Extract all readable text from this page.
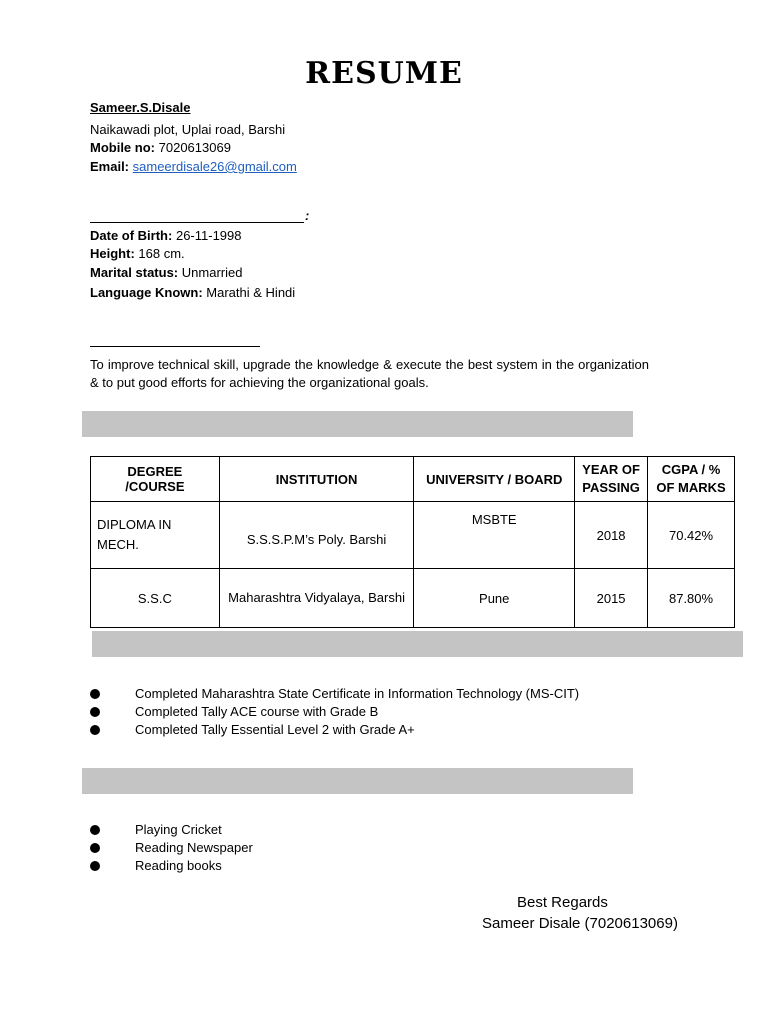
RESUME
Sameer.S.Disale
Naikawadi plot, Uplai road, Barshi
Mobile no: 7020613069
Email: sameerdisale26@gmail.com
:
Date of Birth: 26-11-1998
Height: 168 cm.
Marital status: Unmarried
Language Known: Marathi & Hindi
To improve technical skill, upgrade the knowledge & execute the best system in the organization & to put good efforts for achieving the organizational goals.
DEGREE /COURSE	INSTITUTION	UNIVERSITY / BOARD	YEAR OF PASSING	CGPA / % OF MARKS
DIPLOMA IN MECH.	S.S.S.P.M’s Poly. Barshi	MSBTE	2018	70.42%
S.S.C	Maharashtra Vidyalaya, Barshi	Pune	2015	87.80%
Completed Maharashtra State Certificate in Information Technology (MS-CIT)
Completed Tally ACE course with Grade B
Completed Tally Essential Level 2 with Grade A+
Playing Cricket
Reading Newspaper
Reading books
Best Regards
Sameer Disale (7020613069)
